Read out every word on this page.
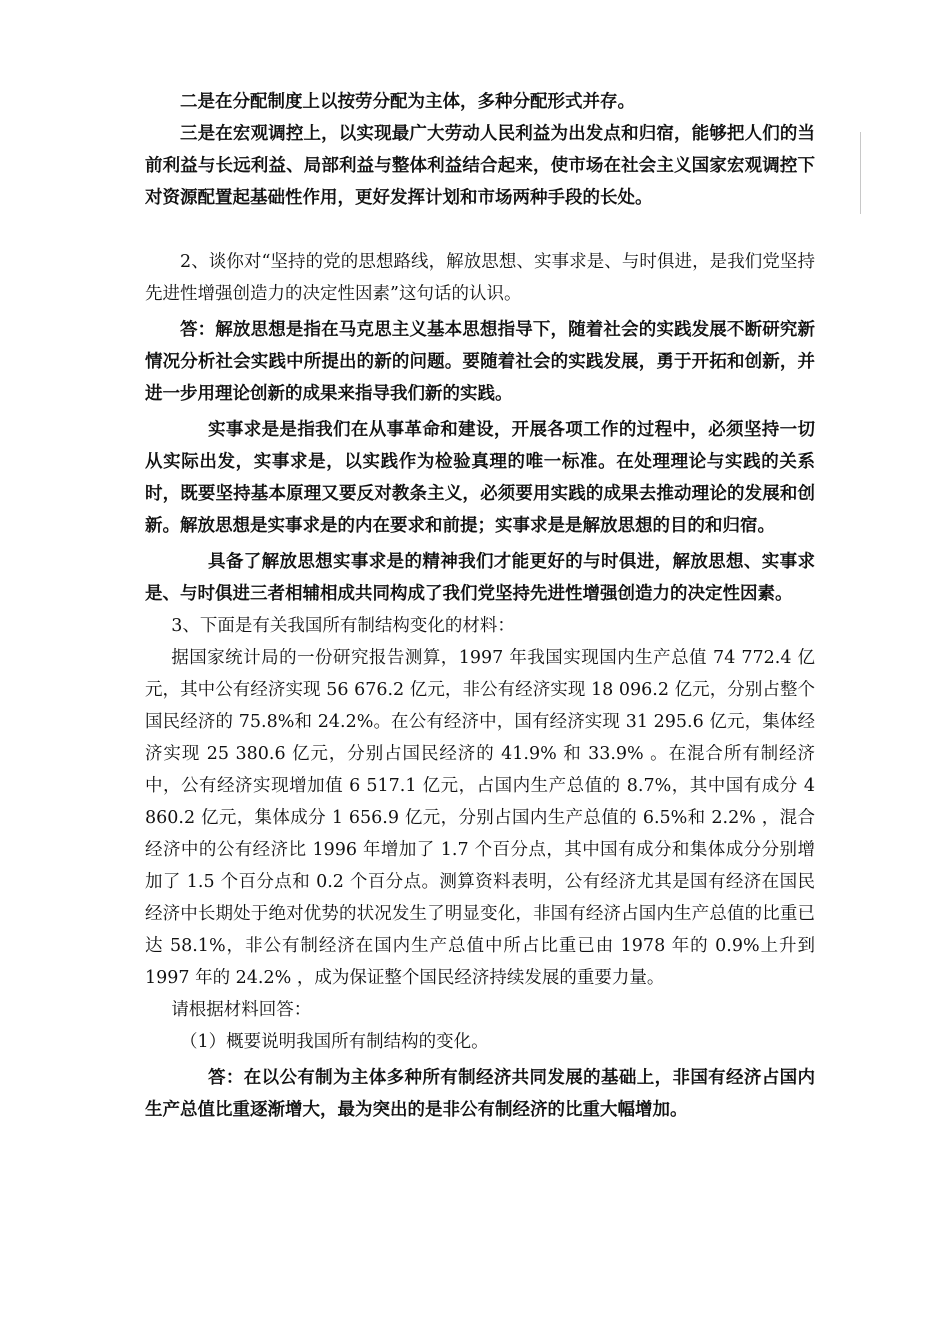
二是在分配制度上以按劳分配为主体，多种分配形式并存。

三是在宏观调控上，以实现最广大劳动人民利益为出发点和归宿，能够把人们的当前利益与长远利益、局部利益与整体利益结合起来，使市场在社会主义国家宏观调控下对资源配置起基础性作用，更好发挥计划和市场两种手段的长处。

2、谈你对“坚持的党的思想路线，解放思想、实事求是、与时俱进，是我们党坚持先进性增强创造力的决定性因素”这句话的认识。

答：解放思想是指在马克思主义基本思想指导下，随着社会的实践发展不断研究新情况分析社会实践中所提出的新的问题。要随着社会的实践发展，勇于开拓和创新，并进一步用理论创新的成果来指导我们新的实践。

实事求是是指我们在从事革命和建设，开展各项工作的过程中，必须坚持一切从实际出发，实事求是，以实践作为检验真理的唯一标准。在处理理论与实践的关系时，既要坚持基本原理又要反对教条主义，必须要用实践的成果去推动理论的发展和创新。解放思想是实事求是的内在要求和前提；实事求是是解放思想的目的和归宿。

具备了解放思想实事求是的精神我们才能更好的与时俱进，解放思想、实事求是、与时俱进三者相辅相成共同构成了我们党坚持先进性增强创造力的决定性因素。

3、下面是有关我国所有制结构变化的材料：

据国家统计局的一份研究报告测算，1997 年我国实现国内生产总值 74 772.4 亿元，其中公有经济实现 56 676.2 亿元，非公有经济实现 18 096.2 亿元，分别占整个国民经济的 75.8%和 24.2%。在公有经济中，国有经济实现 31 295.6 亿元，集体经济实现 25 380.6 亿元，分别占国民经济的 41.9% 和 33.9% 。在混合所有制经济中，公有经济实现增加值 6 517.1 亿元，占国内生产总值的 8.7%，其中国有成分 4 860.2 亿元，集体成分 1 656.9 亿元，分别占国内生产总值的 6.5%和 2.2% ，混合经济中的公有经济比 1996 年增加了 1.7 个百分点，其中国有成分和集体成分分别增加了 1.5 个百分点和 0.2 个百分点。测算资料表明，公有经济尤其是国有经济在国民经济中长期处于绝对优势的状况发生了明显变化，非国有经济占国内生产总值的比重已达 58.1%，非公有制经济在国内生产总值中所占比重已由 1978 年的 0.9%上升到 1997 年的 24.2% ，成为保证整个国民经济持续发展的重要力量。

请根据材料回答：

（1）概要说明我国所有制结构的变化。

答：在以公有制为主体多种所有制经济共同发展的基础上，非国有经济占国内生产总值比重逐渐增大，最为突出的是非公有制经济的比重大幅增加。
